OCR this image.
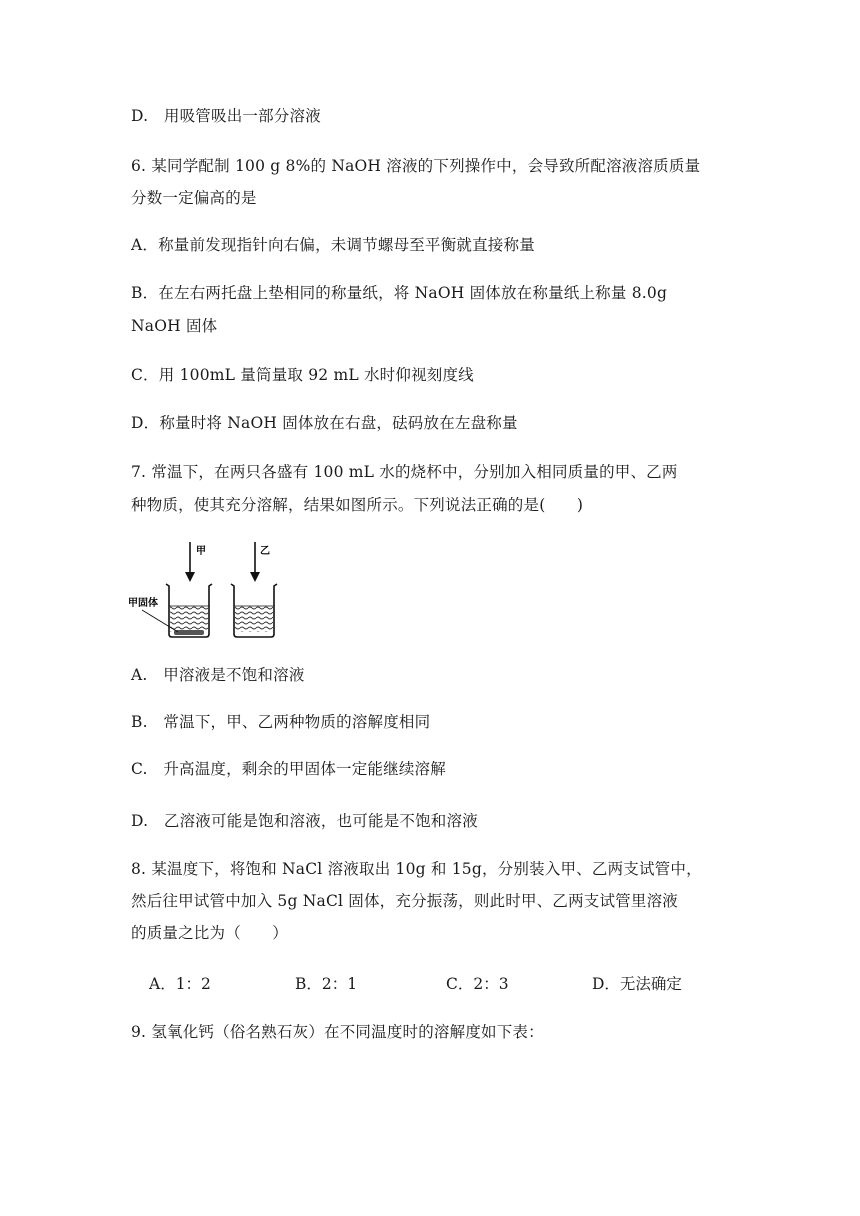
D.　用吸管吸出一部分溶液
6. 某同学配制 100 g 8%的 NaOH 溶液的下列操作中，会导致所配溶液溶质质量
分数一定偏高的是
A．称量前发现指针向右偏，未调节螺母至平衡就直接称量
B．在左右两托盘上垫相同的称量纸，将 NaOH 固体放在称量纸上称量 8.0g
NaOH 固体
C．用 100mL 量筒量取 92 mL 水时仰视刻度线
D．称量时将 NaOH 固体放在右盘，砝码放在左盘称量
7. 常温下，在两只各盛有 100 mL 水的烧杯中，分别加入相同质量的甲、乙两
种物质，使其充分溶解，结果如图所示。下列说法正确的是(　　)
甲	乙
甲固体
A.　甲溶液是不饱和溶液
B.　常温下，甲、乙两种物质的溶解度相同
C.　升高温度，剩余的甲固体一定能继续溶解
D.　乙溶液可能是饱和溶液，也可能是不饱和溶液
8. 某温度下，将饱和 NaCl 溶液取出 10g 和 15g，分别装入甲、乙两支试管中，
然后往甲试管中加入 5g NaCl 固体，充分振荡，则此时甲、乙两支试管里溶液
的质量之比为（　　）
A．1：2	B．2：1	C．2：3	D．无法确定
9. 氢氧化钙（俗名熟石灰）在不同温度时的溶解度如下表：
